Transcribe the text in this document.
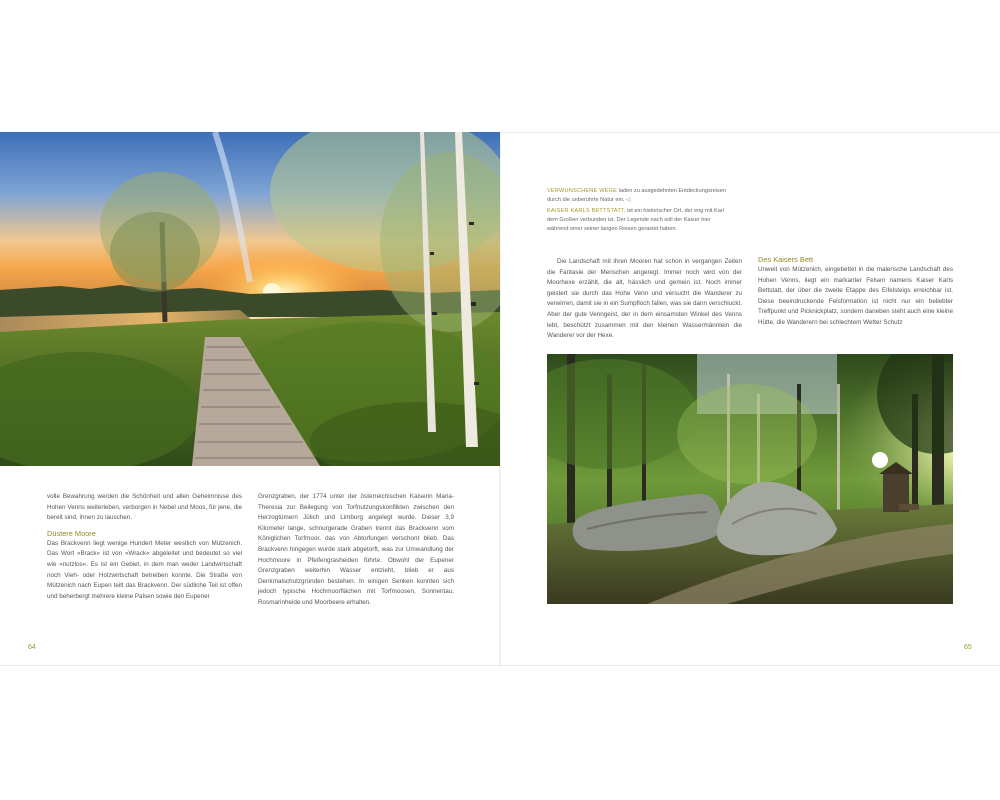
volle Bewahrung werden die Schönheit und allen Geheimnisse des Hohen Venns weiterleben, verborgen in Nebel und Moos, für jene, die bereit sind, ihnen zu lauschen.

Düstere Moore

Das Brackvenn liegt wenige Hundert Meter westlich von Mützenich. Das Wort »Brack« ist von »Wrack« abgeleitet und bedeutet so viel wie »nutzlos«. Es ist ein Gebiet, in dem man weder Landwirtschaft noch Vieh- oder Holzwirtschaft betreiben konnte. Die Straße von Mützenich nach Eupen teilt das Brackvenn. Der südliche Teil ist offen und beherbergt mehrere kleine Palsen sowie den Eupener

Grenzgraben, der 1774 unter der österreichischen Kaiserin Maria-Theresia zur Beilegung von Torfnutzungskonflikten zwischen den Herzogtümern Jülich und Limburg angelegt wurde. Dieser 3,9 Kilometer lange, schnurgerade Graben trennt das Brackvenn vom Königlichen Torfmoor, das von Abtorfungen verschont blieb. Das Brackvenn hingegen wurde stark abgetorft, was zur Umwandlung der Hochmoore in Pfeifengrasheiden führte. Obwohl der Eupener Grenzgraben weiterhin Wasser entzieht, blieb er aus Denkmalschutzgründen bestehen. In einigen Senken konnten sich jedoch typische Hochmoorflächen mit Torfmoosen, Sonnentau, Rosmarinheide und Moorbeere erhalten.

64

VERWUNSCHENE WEGE laden zu ausgedehnten Entdeckungsreisen durch die unberührte Natur ein. ◁

KAISER KARLS BETTSTATT, ist ein historischer Ort, der eng mit Karl dem Großen verbunden ist. Der Legende nach soll der Kaiser hier während einer seiner langen Reisen gerastet haben.

Die Landschaft mit ihren Mooren hat schon in vergangen Zeiten die Fantasie der Menschen angeregt. Immer noch wird von der Moorhexe erzählt, die alt, hässlich und gemein ist. Noch immer geistert sie durch das Hohe Venn und versucht die Wanderer zu verwirren, damit sie in ein Sumpfloch fallen, was sie dann verschluckt. Aber der gute Venngeist, der in dem einsamsten Winkel des Venns lebt, beschützt zusammen mit den kleinen Wassermännlein die Wanderer vor der Hexe.

Des Kaisers Bett

Unweit von Mützenich, eingebettet in die malerische Landschaft des Hohen Venns, liegt ein markanter Felsen namens Kaiser Karls Bettstatt, der über die zweite Etappe des Eifelsteigs erreichbar ist. Diese beeindruckende Felsformation ist nicht nur ein beliebter Treffpunkt und Picknickplatz, sondern daneben steht auch eine kleine Hütte, die Wanderern bei schlechtem Wetter Schutz

65
